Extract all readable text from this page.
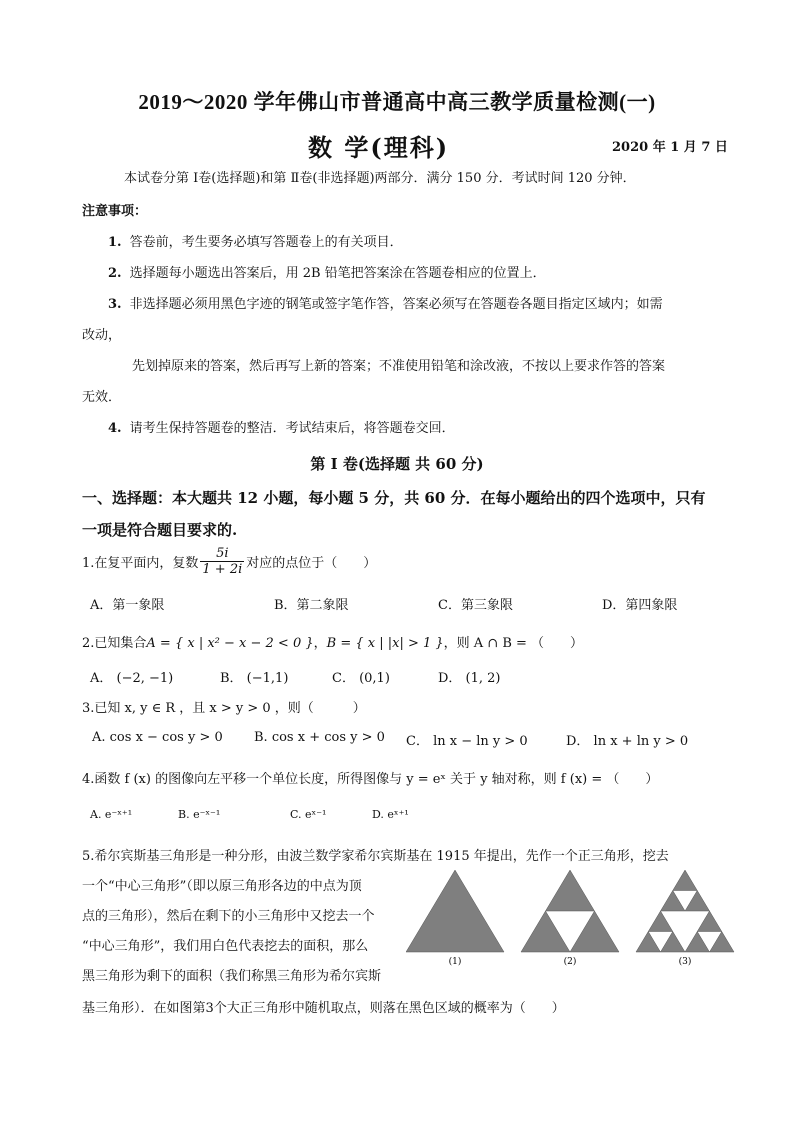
2019～2020 学年佛山市普通高中高三教学质量检测(一)
数 学(理科)	2020 年 1 月 7 日
本试卷分第 Ⅰ卷(选择题)和第 Ⅱ卷(非选择题)两部分．满分 150 分．考试时间 120 分钟．
注意事项：
1. 答卷前，考生要务必填写答题卷上的有关项目．
2. 选择题每小题选出答案后，用 2B 铅笔把答案涂在答题卷相应的位置上．
3. 非选择题必须用黑色字迹的钢笔或签字笔作答，答案必须写在答题卷各题目指定区域内；如需
改动，
先划掉原来的答案，然后再写上新的答案；不准使用铅笔和涂改液，不按以上要求作答的答案
无效．
4. 请考生保持答题卷的整洁．考试结束后，将答题卷交回．
第 Ⅰ 卷(选择题 共 60 分)
一、选择题：本大题共 12 小题，每小题 5 分，共 60 分．在每小题给出的四个选项中，只有
一项是符合题目要求的.
1.在复平面内，复数 $\frac{5i}{1 + 2i}$ 对应的点位于（　　）
A．第一象限	B．第二象限	C．第三象限	D．第四象限
2.已知集合A = { x | x² − x − 2 < 0 }，B = { x | |x| > 1 }，则 A ∩ B = （　　）
A． (−2, −1)	B． (−1,1)	C． (0,1)	D． (1, 2)
3.已知 x, y ∈ R ，且 x > y > 0 ，则（　　　）
A. cos x − cos y > 0 B. cos x + cos y > 0 C． ln x − ln y > 0	D． ln x + ln y > 0
4.函数 f (x) 的图像向左平移一个单位长度，所得图像与 y = eˣ 关于 y 轴对称，则 f (x) = （　　）
A. e⁻ˣ⁺¹	B. e⁻ˣ⁻¹	C. eˣ⁻¹	D. eˣ⁺¹
5.希尔宾斯基三角形是一种分形，由波兰数学家希尔宾斯基在 1915 年提出，先作一个正三角形，挖去
一个“中心三角形”（即以原三角形各边的中点为顶
点的三角形），然后在剩下的小三角形中又挖去一个
“中心三角形”，我们用白色代表挖去的面积，那么
黑三角形为剩下的面积（我们称黑三角形为希尔宾斯
基三角形）．在如图第3个大正三角形中随机取点，则落在黑色区域的概率为（　　）
(1)	(2)	(3)
